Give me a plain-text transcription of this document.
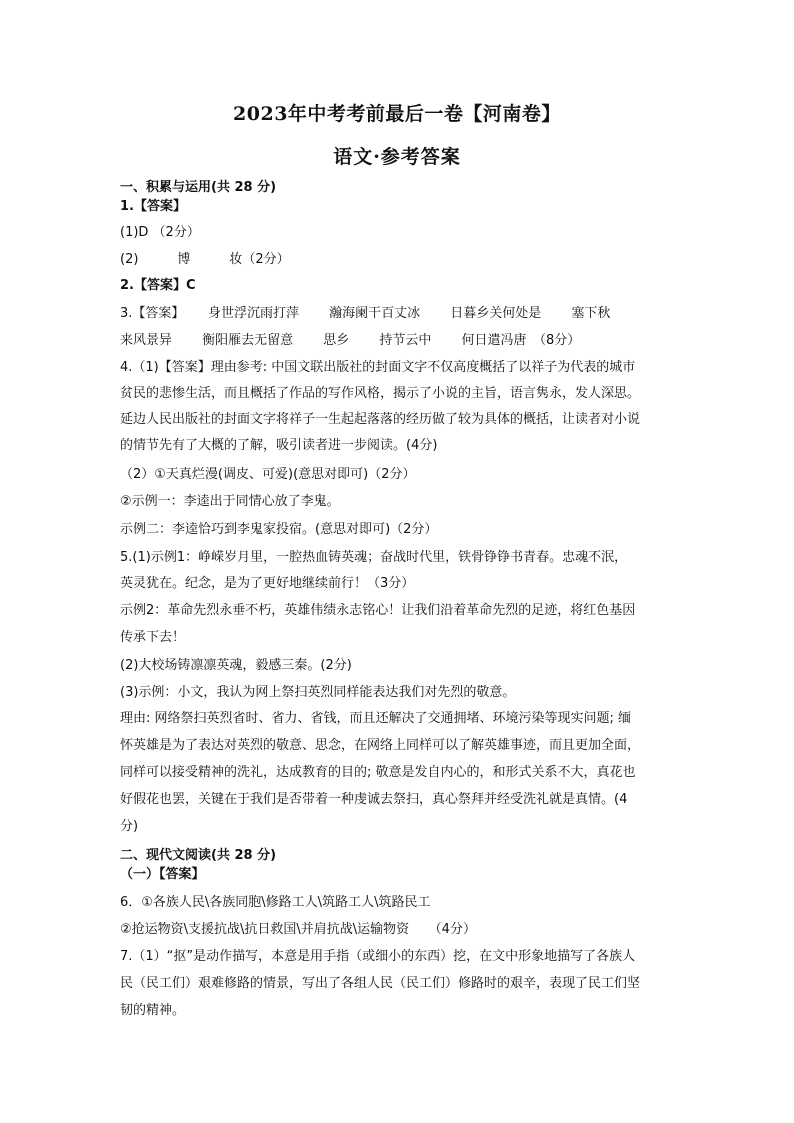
2023年中考考前最后一卷【河南卷】
语文·参考答案
一、积累与运用(共 28 分)
1.【答案】
(1)D （2分）
(2)　　　博　　　妆（2分）
2.【答案】C
3.【答案】　　 身世浮沉雨打萍　　 瀚海阑干百丈冰　　 日暮乡关何处是　　 塞下秋
来风景异　　 衡阳雁去无留意　　 思乡　　 持节云中　　 何日遣冯唐　（8分）
4.（1)【答案】理由参考: 中国文联出版社的封面文字不仅高度概括了以祥子为代表的城市
贫民的悲惨生活，而且概括了作品的写作风格，揭示了小说的主旨，语言隽永，发人深思。
延边人民出版社的封面文字将祥子一生起起落落的经历做了较为具体的概括，让读者对小说
的情节先有了大概的了解，吸引读者进一步阅读。(4分)
（2）①天真烂漫(调皮、可爱)(意思对即可)（2分）
②示例一：李逵出于同情心放了李鬼。
示例二：李逵恰巧到李鬼家投宿。(意思对即可)（2分）
5.(1)示例1：峥嵘岁月里，一腔热血铸英魂；奋战时代里，铁骨铮铮书青春。忠魂不泯，
英灵犹在。纪念，是为了更好地继续前行！（3分）
示例2：革命先烈永垂不朽，英雄伟绩永志铭心！让我们沿着革命先烈的足迹，将红色基因
传承下去！
(2)大校场铸凛凛英魂，毅感三秦。(2分)
(3)示例：小文，我认为网上祭扫英烈同样能表达我们对先烈的敬意。
理由: 网络祭扫英烈省时、省力、省钱，而且还解决了交通拥堵、环境污染等现实问题; 缅
怀英雄是为了表达对英烈的敬意、思念，在网络上同样可以了解英雄事迹，而且更加全面，
同样可以接受精神的洗礼，达成教育的目的; 敬意是发自内心的，和形式关系不大，真花也
好假花也罢，关键在于我们是否带着一种虔诚去祭扫，真心祭拜并经受洗礼就是真情。(4
分)
二、现代文阅读(共 28 分)
（一）【答案】
6．①各族人民\各族同胞\修路工人\筑路工人\筑路民工
②抢运物资\支援抗战\抗日救国\并肩抗战\运输物资　　（4分）
7.（1）“抠”是动作描写，本意是用手指（或细小的东西）挖，在文中形象地描写了各族人
民（民工们）艰难修路的情景，写出了各组人民（民工们）修路时的艰辛，表现了民工们坚
韧的精神。
